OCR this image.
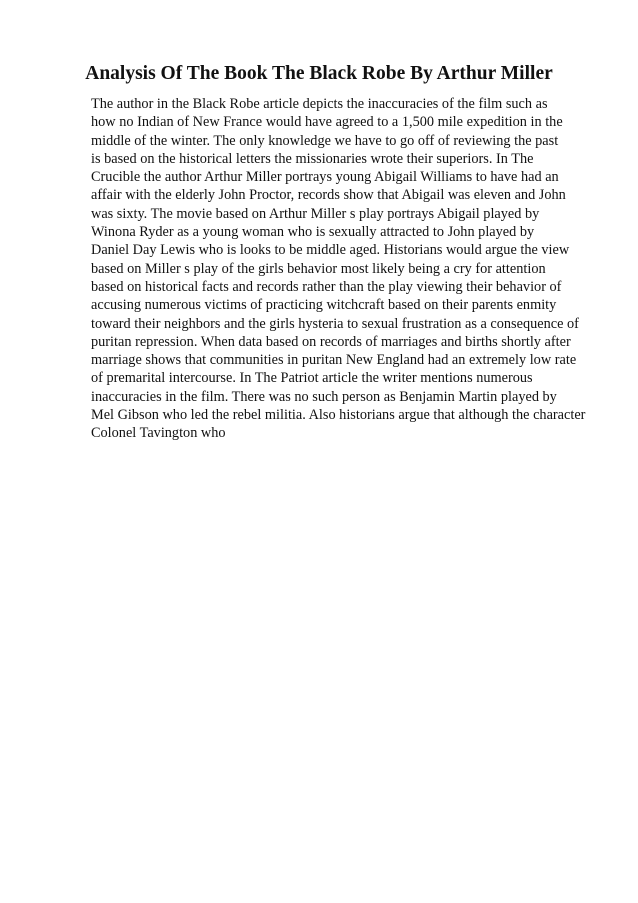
Analysis Of The Book The Black Robe By Arthur Miller
The author in the Black Robe article depicts the inaccuracies of the film such as
how no Indian of New France would have agreed to a 1,500 mile expedition in the
middle of the winter. The only knowledge we have to go off of reviewing the past
is based on the historical letters the missionaries wrote their superiors. In The
Crucible the author Arthur Miller portrays young Abigail Williams to have had an
affair with the elderly John Proctor, records show that Abigail was eleven and John
was sixty. The movie based on Arthur Miller s play portrays Abigail played by
Winona Ryder as a young woman who is sexually attracted to John played by
Daniel Day Lewis who is looks to be middle aged. Historians would argue the view
based on Miller s play of the girls behavior most likely being a cry for attention
based on historical facts and records rather than the play viewing their behavior of
accusing numerous victims of practicing witchcraft based on their parents enmity
toward their neighbors and the girls hysteria to sexual frustration as a consequence of
puritan repression. When data based on records of marriages and births shortly after
marriage shows that communities in puritan New England had an extremely low rate
of premarital intercourse. In The Patriot article the writer mentions numerous
inaccuracies in the film. There was no such person as Benjamin Martin played by
Mel Gibson who led the rebel militia. Also historians argue that although the character
Colonel Tavington who
